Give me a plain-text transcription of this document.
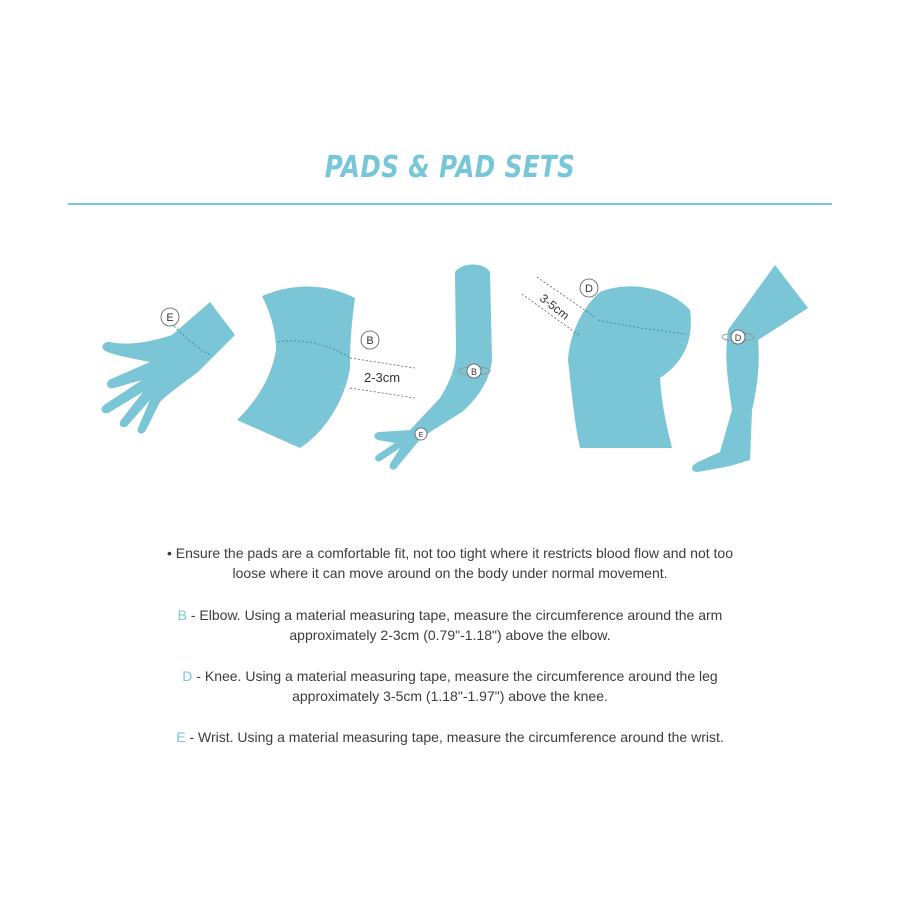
PADS & PAD SETS
E
B
2-3cm	B
E
D
3-5cm
D
• Ensure the pads are a comfortable fit, not too tight where it restricts blood flow and not too
loose where it can move around on the body under normal movement.
B - Elbow. Using a material measuring tape, measure the circumference around the arm
approximately 2-3cm (0.79"-1.18") above the elbow.
D - Knee. Using a material measuring tape, measure the circumference around the leg
approximately 3-5cm (1.18"-1.97") above the knee.
E - Wrist. Using a material measuring tape, measure the circumference around the wrist.
